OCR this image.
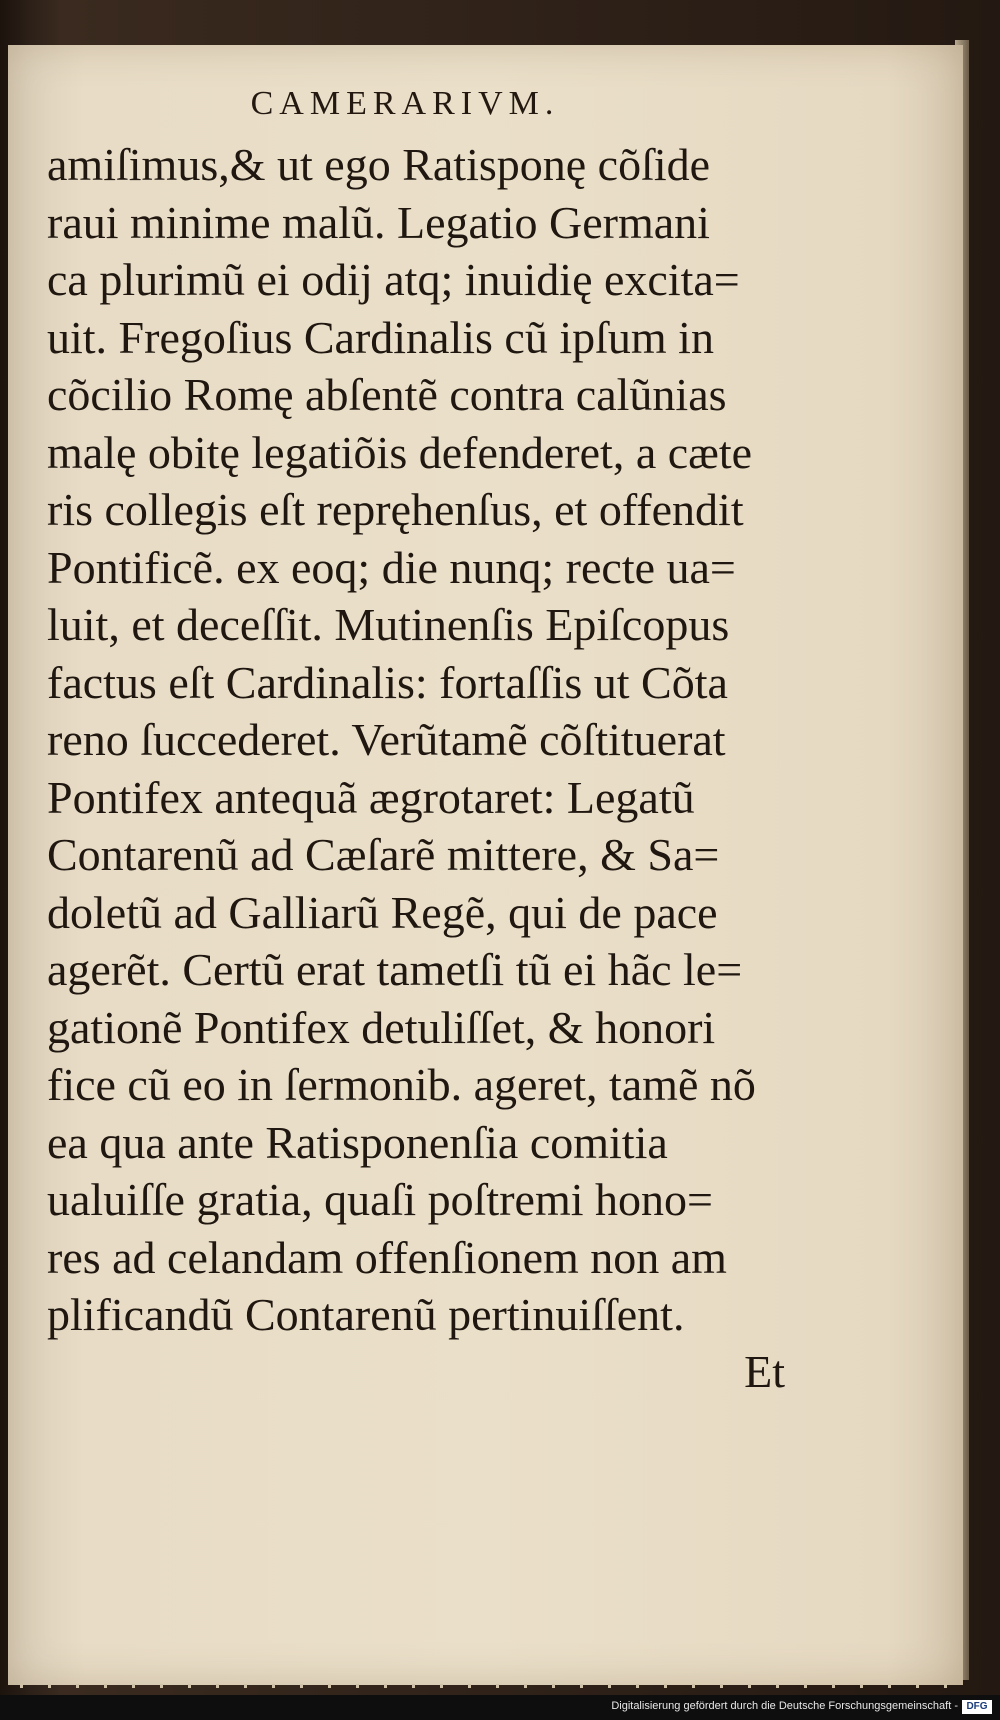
CAMERARIVM.
amiſimus,& ut ego Ratisponę cõſide
raui minime malũ. Legatio Germani
ca plurimũ ei odij atq; inuidię excita=
uit. Fregoſius Cardinalis cũ ipſum in
cõcilio Romę abſentẽ contra calũnias
malę obitę legatiõis defenderet, a cæte
ris collegis eſt repręhenſus, et offendit
Pontificẽ. ex eoq; die nunq; recte ua=
luit, et deceſſit. Mutinenſis Epiſcopus
factus eſt Cardinalis: fortaſſis ut Cõta
reno ſuccederet. Verũtamẽ cõſtituerat
Pontifex antequã ægrotaret: Legatũ
Contarenũ ad Cæſarẽ mittere, & Sa=
doletũ ad Galliarũ Regẽ, qui de pace
agerẽt. Certũ erat tametſi tũ ei hãc le=
gationẽ Pontifex detuliſſet, & honori
fice cũ eo in ſermonib. ageret, tamẽ nõ
ea qua ante Ratisponenſia comitia
ualuiſſe gratia, quaſi poſtremi hono=
res ad celandam offenſionem non am
plificandũ Contarenũ pertinuiſſent.
Et
Digitalisierung gefördert durch die Deutsche Forschungsgemeinschaft - DFG
